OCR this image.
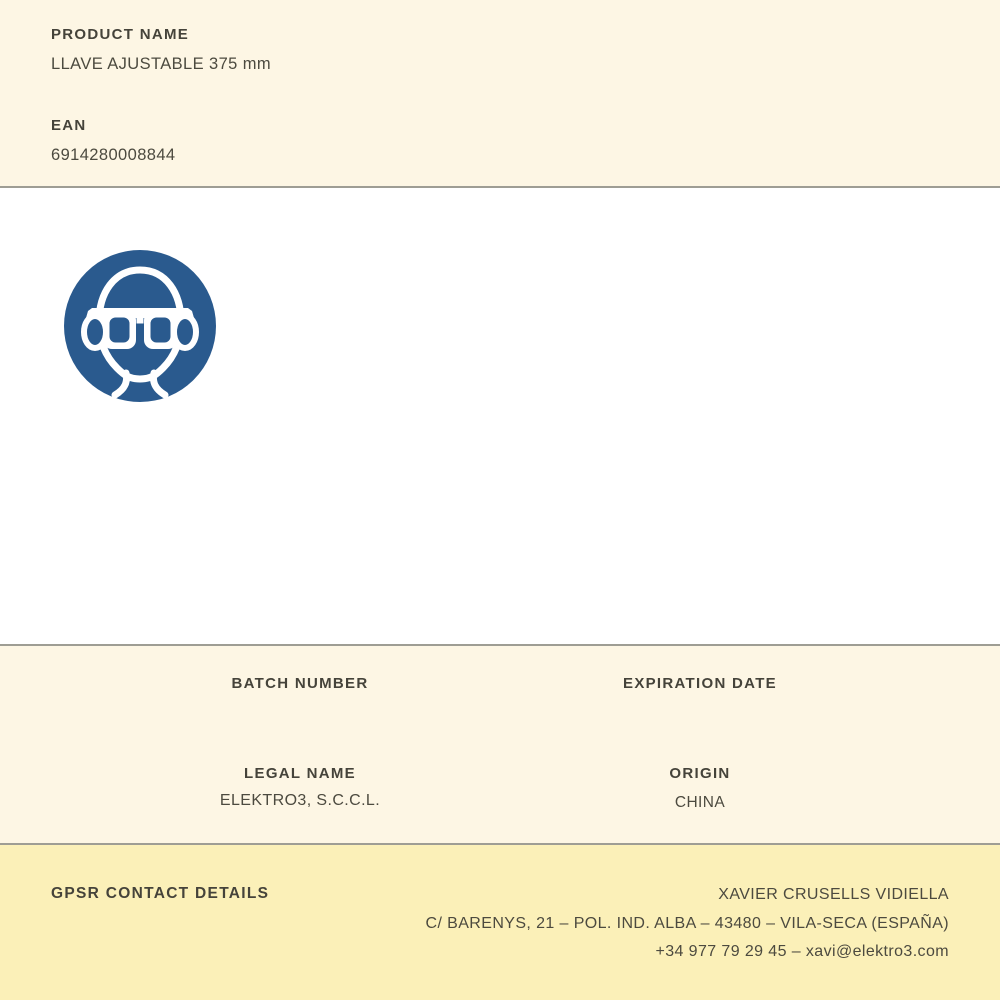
PRODUCT NAME
LLAVE AJUSTABLE 375 mm
EAN
6914280008844
BATCH NUMBER	EXPIRATION DATE
LEGAL NAME
ELEKTRO3, S.C.C.L.
ORIGIN
CHINA
GPSR CONTACT DETAILS	XAVIER CRUSELLS VIDIELLA
C/ BARENYS, 21 – POL. IND. ALBA – 43480 – VILA-SECA (ESPAÑA)
+34 977 79 29 45 – xavi@elektro3.com
